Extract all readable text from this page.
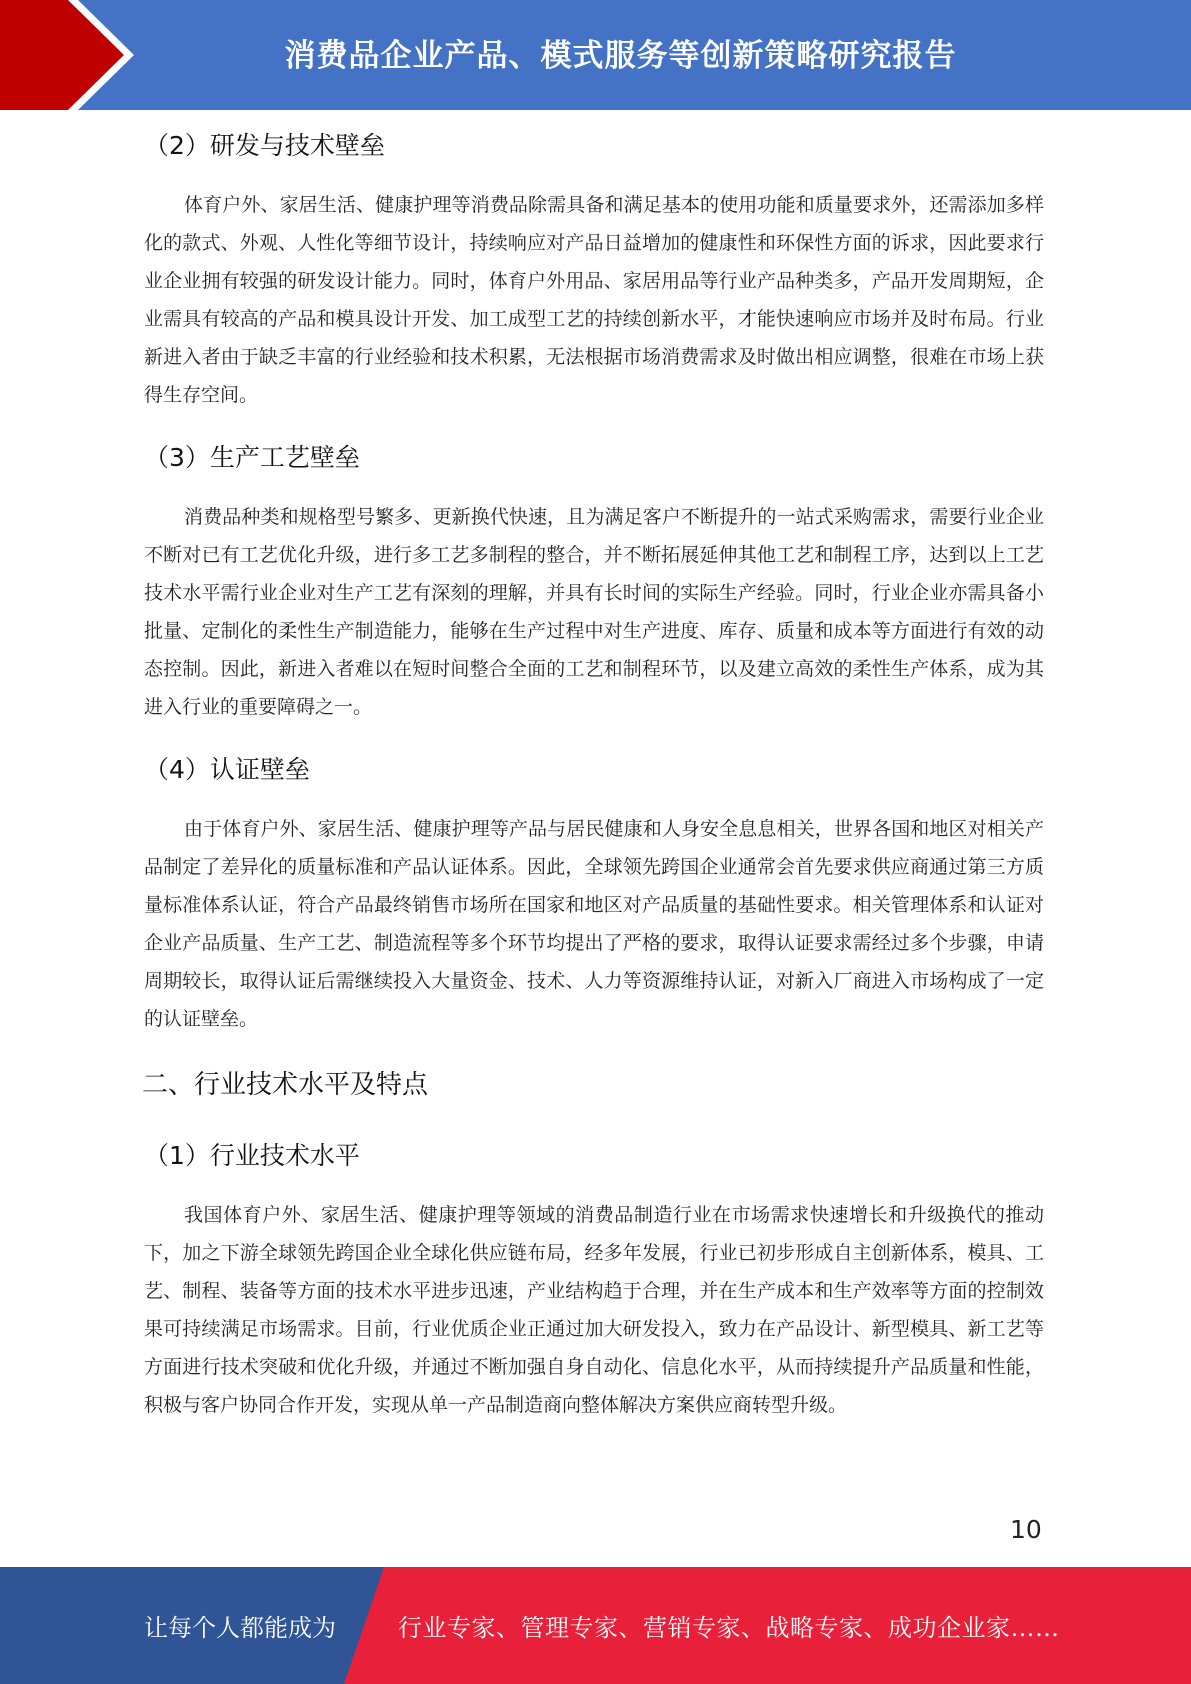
消费品企业产品、模式服务等创新策略研究报告
（2）研发与技术壁垒

体育户外、家居生活、健康护理等消费品除需具备和满足基本的使用功能和质量要求外，还需添加多样化的款式、外观、人性化等细节设计，持续响应对产品日益增加的健康性和环保性方面的诉求，因此要求行业企业拥有较强的研发设计能力。同时，体育户外用品、家居用品等行业产品种类多，产品开发周期短，企业需具有较高的产品和模具设计开发、加工成型工艺的持续创新水平，才能快速响应市场并及时布局。行业新进入者由于缺乏丰富的行业经验和技术积累，无法根据市场消费需求及时做出相应调整，很难在市场上获得生存空间。

（3）生产工艺壁垒

消费品种类和规格型号繁多、更新换代快速，且为满足客户不断提升的一站式采购需求，需要行业企业不断对已有工艺优化升级，进行多工艺多制程的整合，并不断拓展延伸其他工艺和制程工序，达到以上工艺技术水平需行业企业对生产工艺有深刻的理解，并具有长时间的实际生产经验。同时，行业企业亦需具备小批量、定制化的柔性生产制造能力，能够在生产过程中对生产进度、库存、质量和成本等方面进行有效的动态控制。因此，新进入者难以在短时间整合全面的工艺和制程环节，以及建立高效的柔性生产体系，成为其进入行业的重要障碍之一。

（4）认证壁垒

由于体育户外、家居生活、健康护理等产品与居民健康和人身安全息息相关，世界各国和地区对相关产品制定了差异化的质量标准和产品认证体系。因此，全球领先跨国企业通常会首先要求供应商通过第三方质量标准体系认证，符合产品最终销售市场所在国家和地区对产品质量的基础性要求。相关管理体系和认证对企业产品质量、生产工艺、制造流程等多个环节均提出了严格的要求，取得认证要求需经过多个步骤，申请周期较长，取得认证后需继续投入大量资金、技术、人力等资源维持认证，对新入厂商进入市场构成了一定的认证壁垒。

二、行业技术水平及特点
（1）行业技术水平

我国体育户外、家居生活、健康护理等领域的消费品制造行业在市场需求快速增长和升级换代的推动下，加之下游全球领先跨国企业全球化供应链布局，经多年发展，行业已初步形成自主创新体系，模具、工艺、制程、装备等方面的技术水平进步迅速，产业结构趋于合理，并在生产成本和生产效率等方面的控制效果可持续满足市场需求。目前，行业优质企业正通过加大研发投入，致力在产品设计、新型模具、新工艺等方面进行技术突破和优化升级，并通过不断加强自身自动化、信息化水平，从而持续提升产品质量和性能，积极与客户协同合作开发，实现从单一产品制造商向整体解决方案供应商转型升级。

10
让每个人都能成为	行业专家、管理专家、营销专家、战略专家、成功企业家……
